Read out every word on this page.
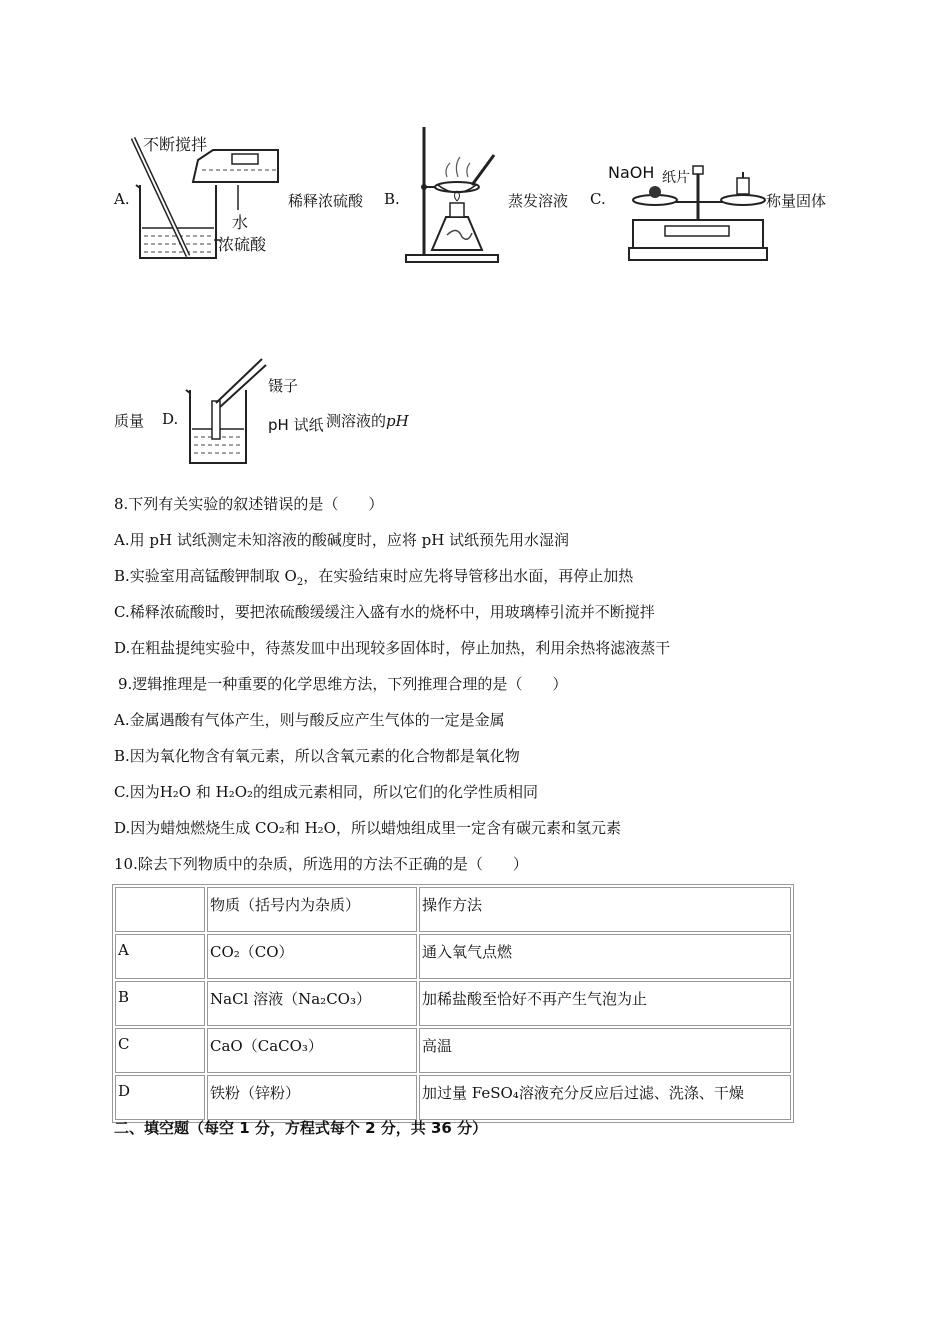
A.
不断搅拌
水
浓硫酸
稀释浓硫酸 B.	蒸发溶液 C.
NaOH 纸片
称量固体
质量 D.
镊子
pH 试纸 测溶液的pH
8.下列有关实验的叙述错误的是（　　）
A.用 pH 试纸测定未知溶液的酸碱度时，应将 pH 试纸预先用水湿润
B.实验室用高锰酸钾制取 $O_2$，在实验结束时应先将导管移出水面，再停止加热
C.稀释浓硫酸时，要把浓硫酸缓缓注入盛有水的烧杯中，用玻璃棒引流并不断搅拌
D.在粗盐提纯实验中，待蒸发皿中出现较多固体时，停止加热，利用余热将滤液蒸干
9.逻辑推理是一种重要的化学思维方法，下列推理合理的是（　　）
A.金属遇酸有气体产生，则与酸反应产生气体的一定是金属
B.因为氧化物含有氧元素，所以含氧元素的化合物都是氧化物
C.因为H₂O 和 H₂O₂的组成元素相同，所以它们的化学性质相同
D.因为蜡烛燃烧生成 CO₂和 H₂O，所以蜡烛组成里一定含有碳元素和氢元素
10.除去下列物质中的杂质，所选用的方法不正确的是（　　）
	物质（括号内为杂质）	操作方法
A	CO₂（CO）	通入氧气点燃
B	NaCl 溶液（Na₂CO₃）	加稀盐酸至恰好不再产生气泡为止
C	CaO（CaCO₃）	高温
D	铁粉（锌粉）	加过量 FeSO₄溶液充分反应后过滤、洗涤、干燥
二、填空题（每空 1 分，方程式每个 2 分，共 36 分）
